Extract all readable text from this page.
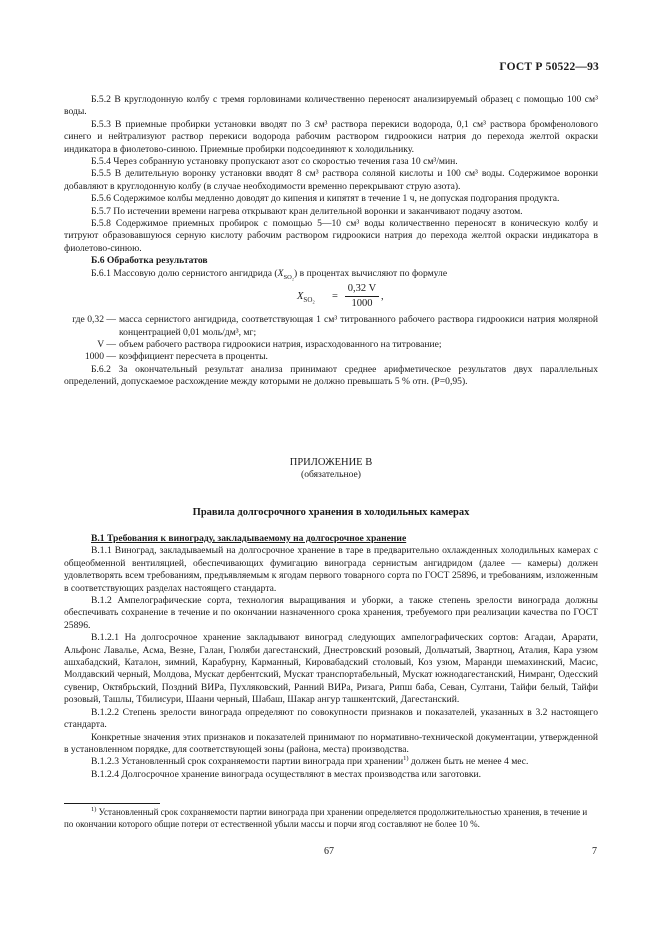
ГОСТ Р 50522—93

Б.5.2 В круглодонную колбу с тремя горловинами количественно переносят анализируемый образец с помощью 100 см³ воды.

Б.5.3 В приемные пробирки установки вводят по 3 см³ раствора перекиси водорода, 0,1 см³ раствора бромфенолового синего и нейтрализуют раствор перекиси водорода рабочим раствором гидроокиси натрия до перехода желтой окраски индикатора в фиолетово-синюю. Приемные пробирки подсоединяют к холодильнику.

Б.5.4 Через собранную установку пропускают азот со скоростью течения газа 10 см³/мин.

Б.5.5 В делительную воронку установки вводят 8 см³ раствора соляной кислоты и 100 см³ воды. Содержимое воронки добавляют в круглодонную колбу (в случае необходимости временно перекрывают струю азота).

Б.5.6 Содержимое колбы медленно доводят до кипения и кипятят в течение 1 ч, не допуская подгорания продукта.

Б.5.7 По истечении времени нагрева открывают кран делительной воронки и заканчивают подачу азотом.

Б.5.8 Содержимое приемных пробирок с помощью 5—10 см³ воды количественно переносят в коническую колбу и титруют образовавшуюся серную кислоту рабочим раствором гидроокиси натрия до перехода желтой окраски индикатора в фиолетово-синюю.

Б.6 Обработка результатов

Б.6.1 Массовую долю сернистого ангидрида $(X_{SO_2})$ в процентах вычисляют по формуле

$X_{SO_2}$ =
0,32 V
1000
,
где 0,32 — масса сернистого ангидрида, соответствующая 1 см³ титрованного рабочего раствора гидроокиси натрия молярной концентрацией 0,01 моль/дм³, мг;
V — объем рабочего раствора гидроокиси натрия, израсходованного на титрование;
1000 — коэффициент пересчета в проценты.

Б.6.2 За окончательный результат анализа принимают среднее арифметическое результатов двух параллельных определений, допускаемое расхождение между которыми не должно превышать 5 % отн. (P=0,95).

ПРИЛОЖЕНИЕ В
(обязательное)
Правила долгосрочного хранения в холодильных камерах

В.1 Требования к винограду, закладываемому на долгосрочное хранение

В.1.1 Виноград, закладываемый на долгосрочное хранение в таре в предварительно охлажденных холодильных камерах с общеобменной вентиляцией, обеспечивающих фумигацию винограда сернистым ангидридом (далее — камеры) должен удовлетворять всем требованиям, предъявляемым к ягодам первого товарного сорта по ГОСТ 25896, и требованиям, изложенным в соответствующих разделах настоящего стандарта.

В.1.2 Ампелографические сорта, технология выращивания и уборки, а также степень зрелости винограда должны обеспечивать сохранение в течение и по окончании назначенного срока хранения, требуемого при реализации качества по ГОСТ 25896.

В.1.2.1 На долгосрочное хранение закладывают виноград следующих ампелографических сортов: Агадаи, Арарати, Альфонс Лавалье, Асма, Везне, Галан, Гюляби дагестанский, Днестровский розовый, Дольчатый, Звартноц, Аталия, Кара узюм ашхабадский, Каталон, зимний, Карабурну, Карманный, Кировабадский столовый, Коз узюм, Маранди шемахинский, Масис, Молдавский черный, Молдова, Мускат дербентский, Мускат транспортабельный, Мускат южнодагестанский, Нимранг, Одесский сувенир, Октябрьский, Поздний ВИРа, Пухляковский, Ранний ВИРа, Ризага, Рипш баба, Севан, Султани, Тайфи белый, Тайфи розовый, Ташлы, Тбилисури, Шаани черный, Шабаш, Шакар ангур ташкентский, Дагестанский.

В.1.2.2 Степень зрелости винограда определяют по совокупности признаков и показателей, указанных в 3.2 настоящего стандарта.

Конкретные значения этих признаков и показателей принимают по нормативно-технической документации, утвержденной в установленном порядке, для соответствующей зоны (района, места) производства.

В.1.2.3 Установленный срок сохраняемости партии винограда при хранении$^{1)}$ должен быть не менее 4 мес.

В.1.2.4 Долгосрочное хранение винограда осуществляют в местах производства или заготовки.

$^{1)}$ Установленный срок сохраняемости партии винограда при хранении определяется продолжительностью хранения, в течение и по окончании которого общие потери от естественной убыли массы и порчи ягод составляют не более 10 %.
67	7
